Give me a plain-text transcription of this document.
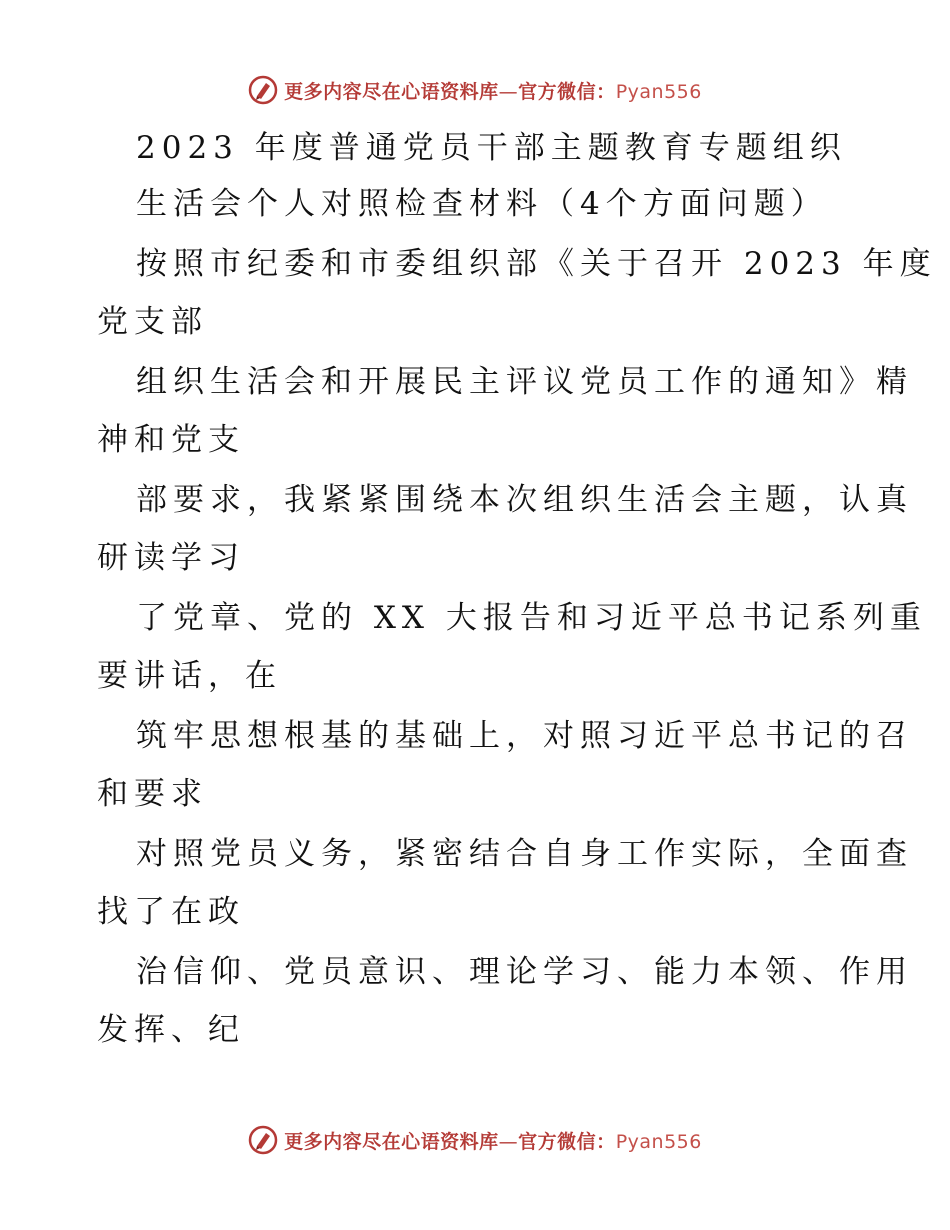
更多内容尽在心语资料库—官方微信：Pyan556
2023 年度普通党员干部主题教育专题组织
生活会个人对照检查材料（4个方面问题）
按照市纪委和市委组织部《关于召开 2023 年度
党支部
组织生活会和开展民主评议党员工作的通知》精
神和党支
部要求，我紧紧围绕本次组织生活会主题，认真
研读学习
了党章、党的 XX 大报告和习近平总书记系列重
要讲话，在
筑牢思想根基的基础上，对照习近平总书记的召
和要求
对照党员义务，紧密结合自身工作实际，全面查
找了在政
治信仰、党员意识、理论学习、能力本领、作用
发挥、纪
更多内容尽在心语资料库—官方微信：Pyan556
